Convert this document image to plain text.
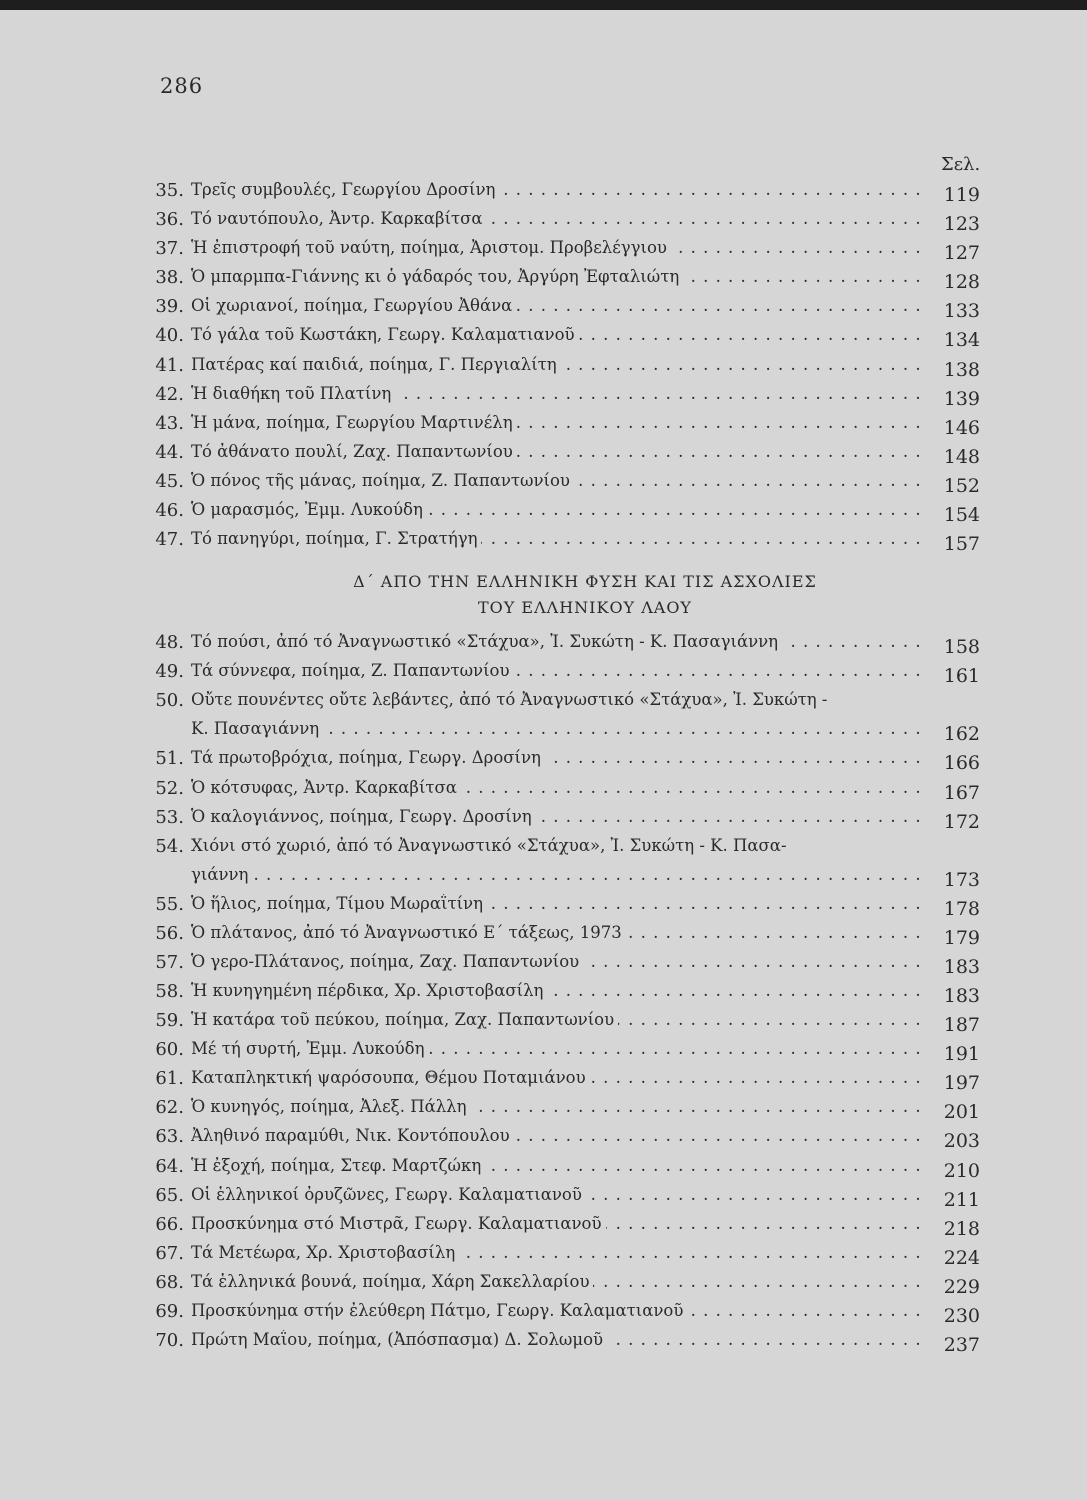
286
Σελ.
35. Τρεῖς συμβουλές, Γεωργίου Δροσίνη . . .	119
36. Τό ναυτόπουλο, Ἀντρ. Καρκαβίτσα . . .	123
37. Ἡ ἐπιστροφή τοῦ ναύτη, ποίημα, Ἀριστομ. Προβελέγγιου . . .	127
38. Ὁ μπαρμπα-Γιάννης κι ὁ γάδαρός του, Ἀργύρη Ἐφταλιώτη . . .	128
39. Οἱ χωριανοί, ποίημα, Γεωργίου Ἀθάνα . . .	133
40. Τό γάλα τοῦ Κωστάκη, Γεωργ. Καλαματιανοῦ . . .	134
41. Πατέρας καί παιδιά, ποίημα, Γ. Περγιαλίτη . . .	138
42. Ἡ διαθήκη τοῦ Πλατίνη . . .	139
43. Ἡ μάνα, ποίημα, Γεωργίου Μαρτινέλη . . .	146
44. Τό ἀθάνατο πουλί, Ζαχ. Παπαντωνίου . . .	148
45. Ὁ πόνος τῆς μάνας, ποίημα, Ζ. Παπαντωνίου . . .	152
46. Ὁ μαρασμός, Ἐμμ. Λυκούδη . . .	154
47. Τό πανηγύρι, ποίημα, Γ. Στρατήγη . . .	157
Δ΄ ΑΠΟ ΤΗΝ ΕΛΛΗΝΙΚΗ ΦΥΣΗ ΚΑΙ ΤΙΣ ΑΣΧΟΛΙΕΣ
ΤΟΥ ΕΛΛΗΝΙΚΟΥ ΛΑΟΥ
48. Τό πούσι, ἀπό τό Ἀναγνωστικό «Στάχυα», Ἰ. Συκώτη - Κ. Πασαγιάννη . . .	158
49. Τά σύννεφα, ποίημα, Ζ. Παπαντωνίου . . .	161
50. Οὔτε πουνέντες οὔτε λεβάντες, ἀπό τό Ἀναγνωστικό «Στάχυα», Ἰ. Συκώτη -
Κ. Πασαγιάννη . . .	162
51. Τά πρωτοβρόχια, ποίημα, Γεωργ. Δροσίνη . . .	166
52. Ὁ κότσυφας, Ἀντρ. Καρκαβίτσα . . .	167
53. Ὁ καλογιάννος, ποίημα, Γεωργ. Δροσίνη . . .	172
54. Χιόνι στό χωριό, ἀπό τό Ἀναγνωστικό «Στάχυα», Ἰ. Συκώτη - Κ. Πασα-
γιάννη . . .	173
55. Ὁ ἥλιος, ποίημα, Τίμου Μωραΐτίνη . . .	178
56. Ὁ πλάτανος, ἀπό τό Ἀναγνωστικό Ε΄ τάξεως, 1973 . . .	179
57. Ὁ γερο-Πλάτανος, ποίημα, Ζαχ. Παπαντωνίου . . .	183
58. Ἡ κυνηγημένη πέρδικα, Χρ. Χριστοβασίλη . . .	183
59. Ἡ κατάρα τοῦ πεύκου, ποίημα, Ζαχ. Παπαντωνίου . . .	187
60. Μέ τή συρτή, Ἐμμ. Λυκούδη . . .	191
61. Καταπληκτική ψαρόσουπα, Θέμου Ποταμιάνου . . .	197
62. Ὁ κυνηγός, ποίημα, Ἀλεξ. Πάλλη . . .	201
63. Ἀληθινό παραμύθι, Νικ. Κοντόπουλου . . .	203
64. Ἡ ἐξοχή, ποίημα, Στεφ. Μαρτζώκη . . .	210
65. Οἱ ἑλληνικοί ὀρυζῶνες, Γεωργ. Καλαματιανοῦ . . .	211
66. Προσκύνημα στό Μιστρᾶ, Γεωργ. Καλαματιανοῦ . . .	218
67. Τά Μετέωρα, Χρ. Χριστοβασίλη . . .	224
68. Τά ἑλληνικά βουνά, ποίημα, Χάρη Σακελλαρίου . . .	229
69. Προσκύνημα στήν ἐλεύθερη Πάτμο, Γεωργ. Καλαματιανοῦ . . .	230
70. Πρώτη Μαΐου, ποίημα, (Ἀπόσπασμα) Δ. Σολωμοῦ . . .	237
